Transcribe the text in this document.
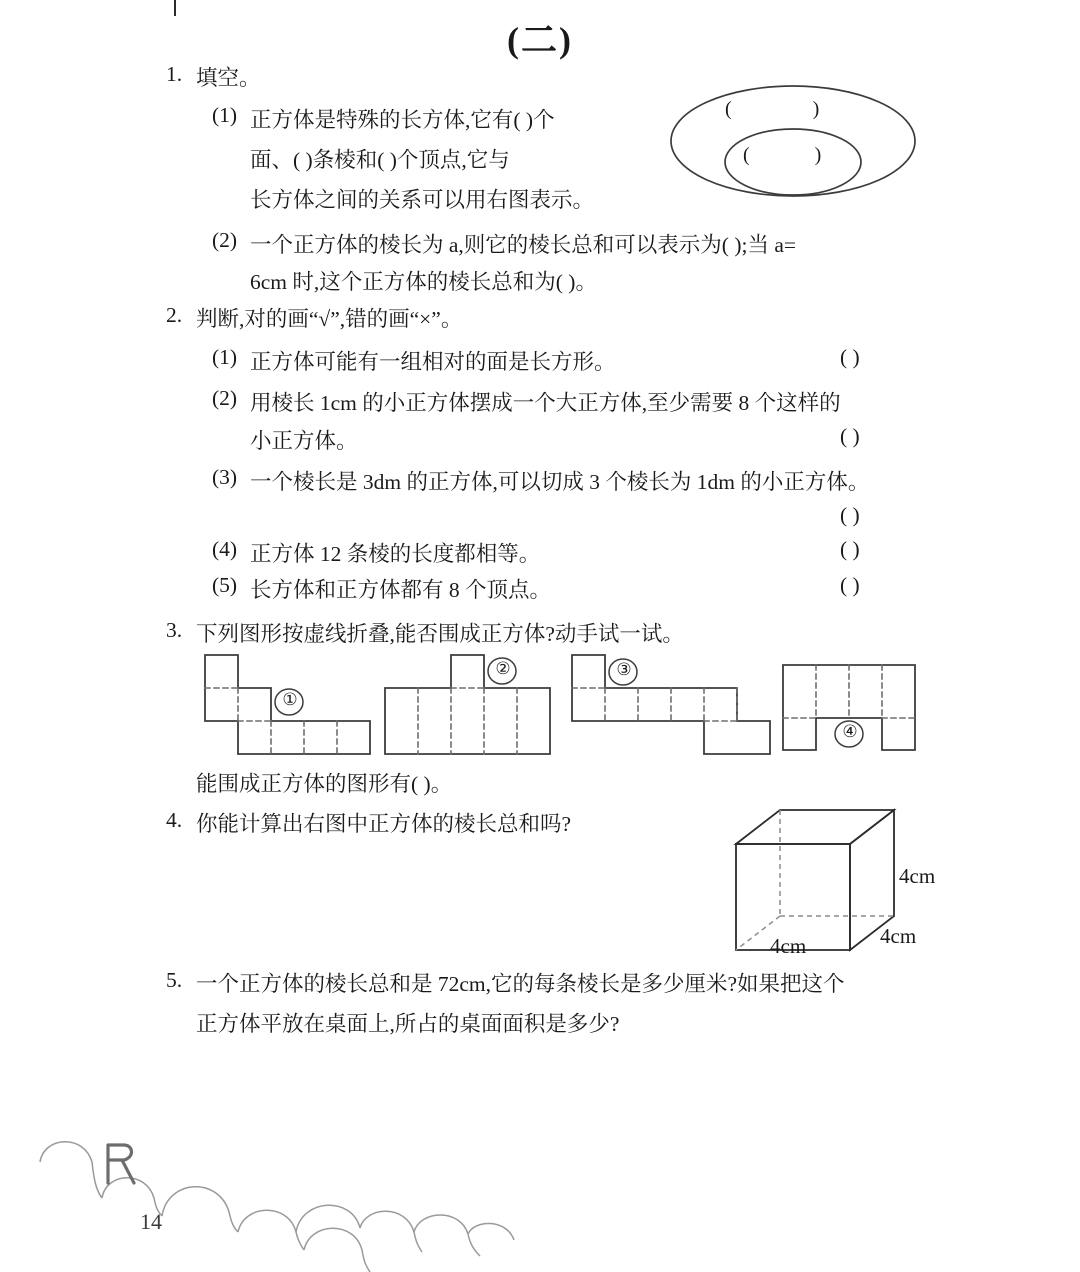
(二)
1. 填空。
(1) 正方体是特殊的长方体,它有( )个
面、( )条棱和( )个顶点,它与
长方体之间的关系可以用右图表示。
(2) 一个正方体的棱长为 a,则它的棱长总和可以表示为( );当 a=
6cm 时,这个正方体的棱长总和为( )。
( )
( )
2. 判断,对的画“√”,错的画“×”。
(1) 正方体可能有一组相对的面是长方形。	( )
(2) 用棱长 1cm 的小正方体摆成一个大正方体,至少需要 8 个这样的
小正方体。	( )
(3) 一个棱长是 3dm 的正方体,可以切成 3 个棱长为 1dm 的小正方体。
( )
(4) 正方体 12 条棱的长度都相等。	( )
(5) 长方体和正方体都有 8 个顶点。	( )
3. 下列图形按虚线折叠,能否围成正方体?动手试一试。
①
②	③
④
能围成正方体的图形有( )。
4. 你能计算出右图中正方体的棱长总和吗?
4cm
4cm
4cm
5. 一个正方体的棱长总和是 72cm,它的每条棱长是多少厘米?如果把这个
正方体平放在桌面上,所占的桌面面积是多少?
14
